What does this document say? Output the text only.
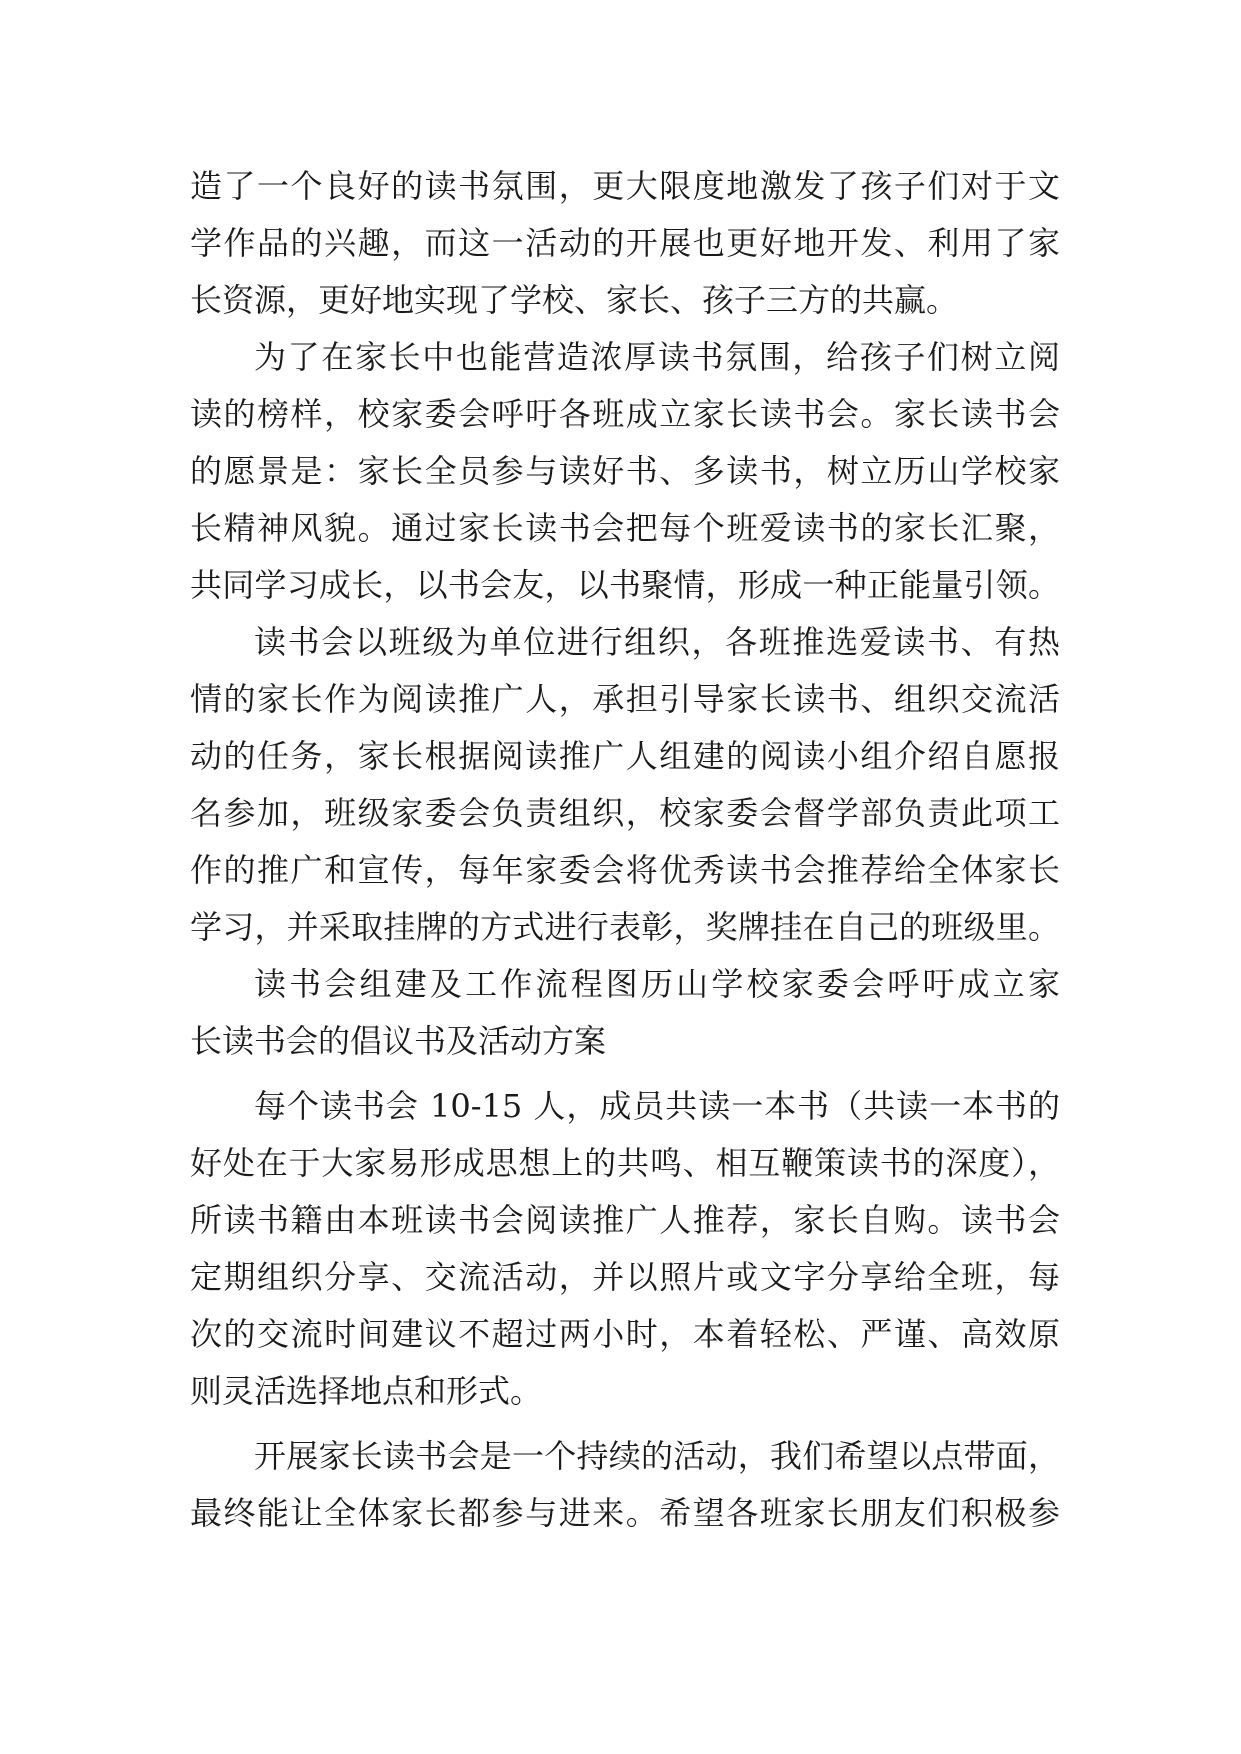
造了一个良好的读书氛围，更大限度地激发了孩子们对于文
学作品的兴趣，而这一活动的开展也更好地开发、利用了家
长资源，更好地实现了学校、家长、孩子三方的共赢。
为了在家长中也能营造浓厚读书氛围，给孩子们树立阅
读的榜样，校家委会呼吁各班成立家长读书会。家长读书会
的愿景是：家长全员参与读好书、多读书，树立历山学校家
长精神风貌。通过家长读书会把每个班爱读书的家长汇聚，
共同学习成长，以书会友，以书聚情，形成一种正能量引领。
读书会以班级为单位进行组织，各班推选爱读书、有热
情的家长作为阅读推广人，承担引导家长读书、组织交流活
动的任务，家长根据阅读推广人组建的阅读小组介绍自愿报
名参加，班级家委会负责组织，校家委会督学部负责此项工
作的推广和宣传，每年家委会将优秀读书会推荐给全体家长
学习，并采取挂牌的方式进行表彰，奖牌挂在自己的班级里。
读书会组建及工作流程图历山学校家委会呼吁成立家
长读书会的倡议书及活动方案
每个读书会 10-15 人，成员共读一本书（共读一本书的
好处在于大家易形成思想上的共鸣、相互鞭策读书的深度），
所读书籍由本班读书会阅读推广人推荐，家长自购。读书会
定期组织分享、交流活动，并以照片或文字分享给全班，每
次的交流时间建议不超过两小时，本着轻松、严谨、高效原
则灵活选择地点和形式。
开展家长读书会是一个持续的活动，我们希望以点带面，
最终能让全体家长都参与进来。希望各班家长朋友们积极参
